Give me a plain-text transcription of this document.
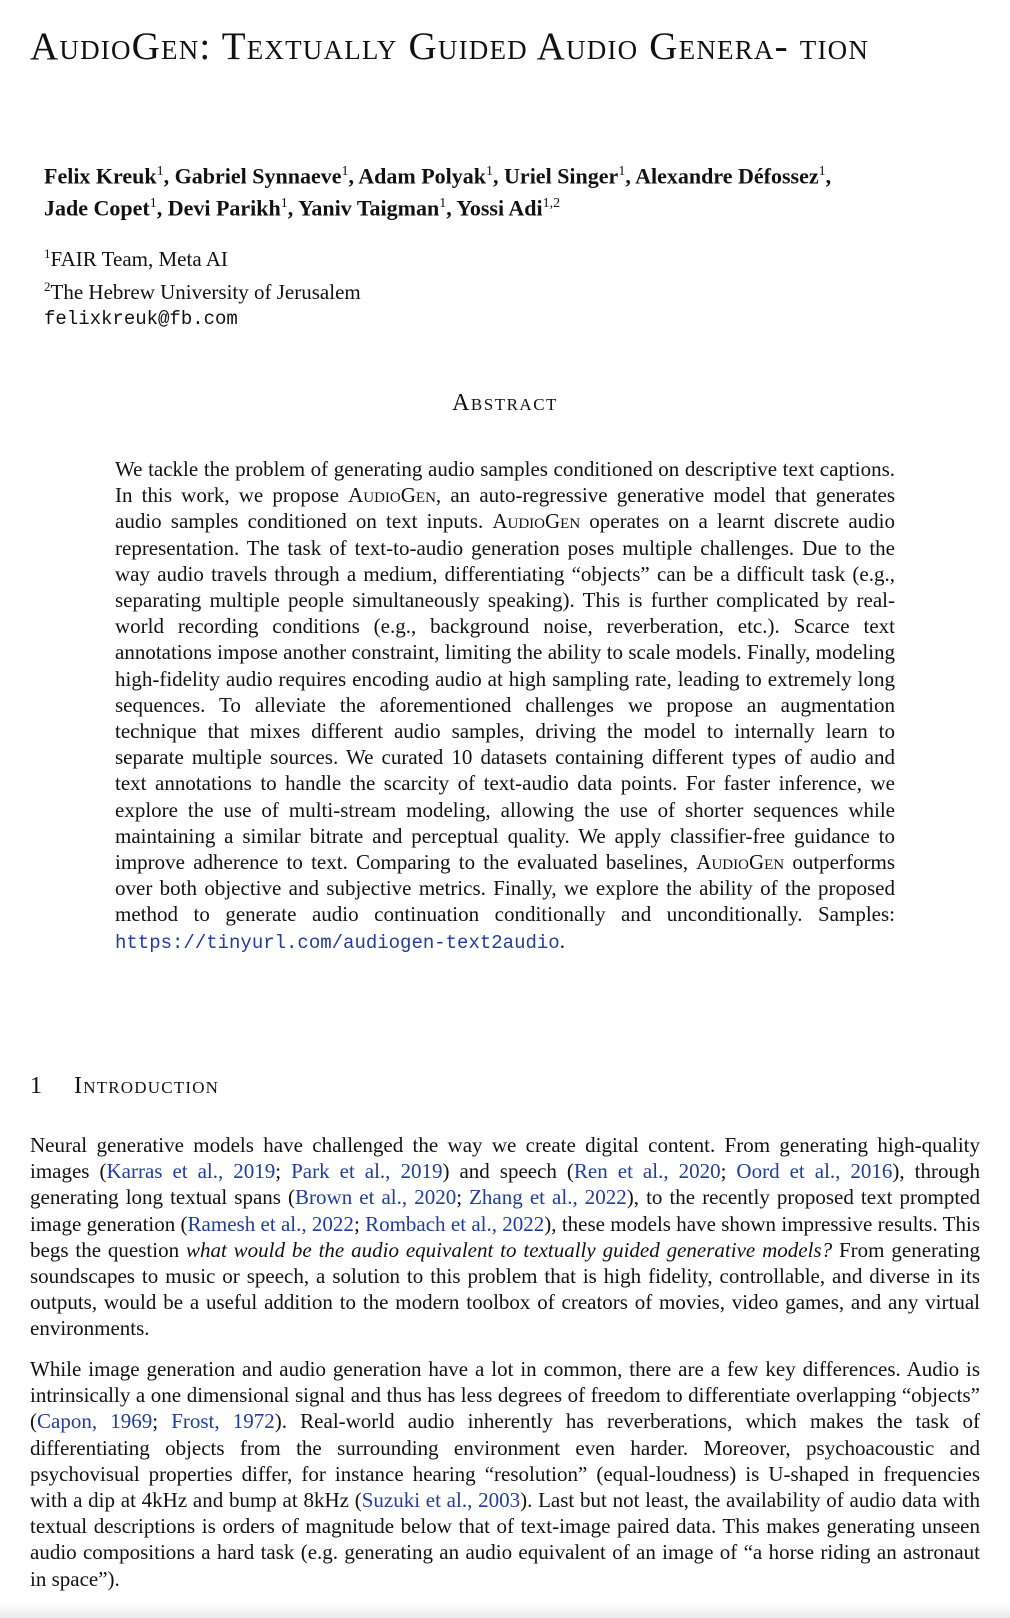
AudioGen: Textually Guided Audio Genera- tion
Felix Kreuk$^1$, Gabriel Synnaeve$^1$, Adam Polyak$^1$, Uriel Singer$^1$, Alexandre Défossez$^1$,
Jade Copet$^1$, Devi Parikh$^1$, Yaniv Taigman$^1$, Yossi Adi$^{1,2}$
$^1$FAIR Team, Meta AI
$^2$The Hebrew University of Jerusalem
felixkreuk@fb.com
Abstract
We tackle the problem of generating audio samples conditioned on descriptive text captions. In this work, we propose AudioGen, an auto-regressive generative model that generates audio samples conditioned on text inputs. AudioGen operates on a learnt discrete audio representation. The task of text-to-audio generation poses multiple challenges. Due to the way audio travels through a medium, differentiating “objects” can be a difficult task (e.g., separating multiple people simultaneously speaking). This is further complicated by real-world recording conditions (e.g., background noise, reverberation, etc.). Scarce text annotations impose another constraint, limiting the ability to scale models. Finally, modeling high-fidelity audio requires encoding audio at high sampling rate, leading to extremely long sequences. To alleviate the aforementioned challenges we propose an augmentation technique that mixes different audio samples, driving the model to internally learn to separate multiple sources. We curated 10 datasets containing different types of audio and text annotations to handle the scarcity of text-audio data points. For faster inference, we explore the use of multi-stream modeling, allowing the use of shorter sequences while maintaining a similar bitrate and perceptual quality. We apply classifier-free guidance to improve adherence to text. Comparing to the evaluated baselines, AudioGen outperforms over both objective and subjective metrics. Finally, we explore the ability of the proposed method to generate audio continuation conditionally and unconditionally. Samples: https://tinyurl.com/audiogen-text2audio.
1 Introduction
Neural generative models have challenged the way we create digital content. From generating high-quality images (Karras et al., 2019; Park et al., 2019) and speech (Ren et al., 2020; Oord et al., 2016), through generating long textual spans (Brown et al., 2020; Zhang et al., 2022), to the recently proposed text prompted image generation (Ramesh et al., 2022; Rombach et al., 2022), these models have shown impressive results. This begs the question what would be the audio equivalent to textually guided generative models? From generating soundscapes to music or speech, a solution to this problem that is high fidelity, controllable, and diverse in its outputs, would be a useful addition to the modern toolbox of creators of movies, video games, and any virtual environments.
While image generation and audio generation have a lot in common, there are a few key differences. Audio is intrinsically a one dimensional signal and thus has less degrees of freedom to differentiate overlapping “objects” (Capon, 1969; Frost, 1972). Real-world audio inherently has reverberations, which makes the task of differentiating objects from the surrounding environment even harder. Moreover, psychoacoustic and psychovisual properties differ, for instance hearing “resolution” (equal-loudness) is U-shaped in frequencies with a dip at 4kHz and bump at 8kHz (Suzuki et al., 2003). Last but not least, the availability of audio data with textual descriptions is orders of magnitude below that of text-image paired data. This makes generating unseen audio compositions a hard task (e.g. generating an audio equivalent of an image of “a horse riding an astronaut in space”).
